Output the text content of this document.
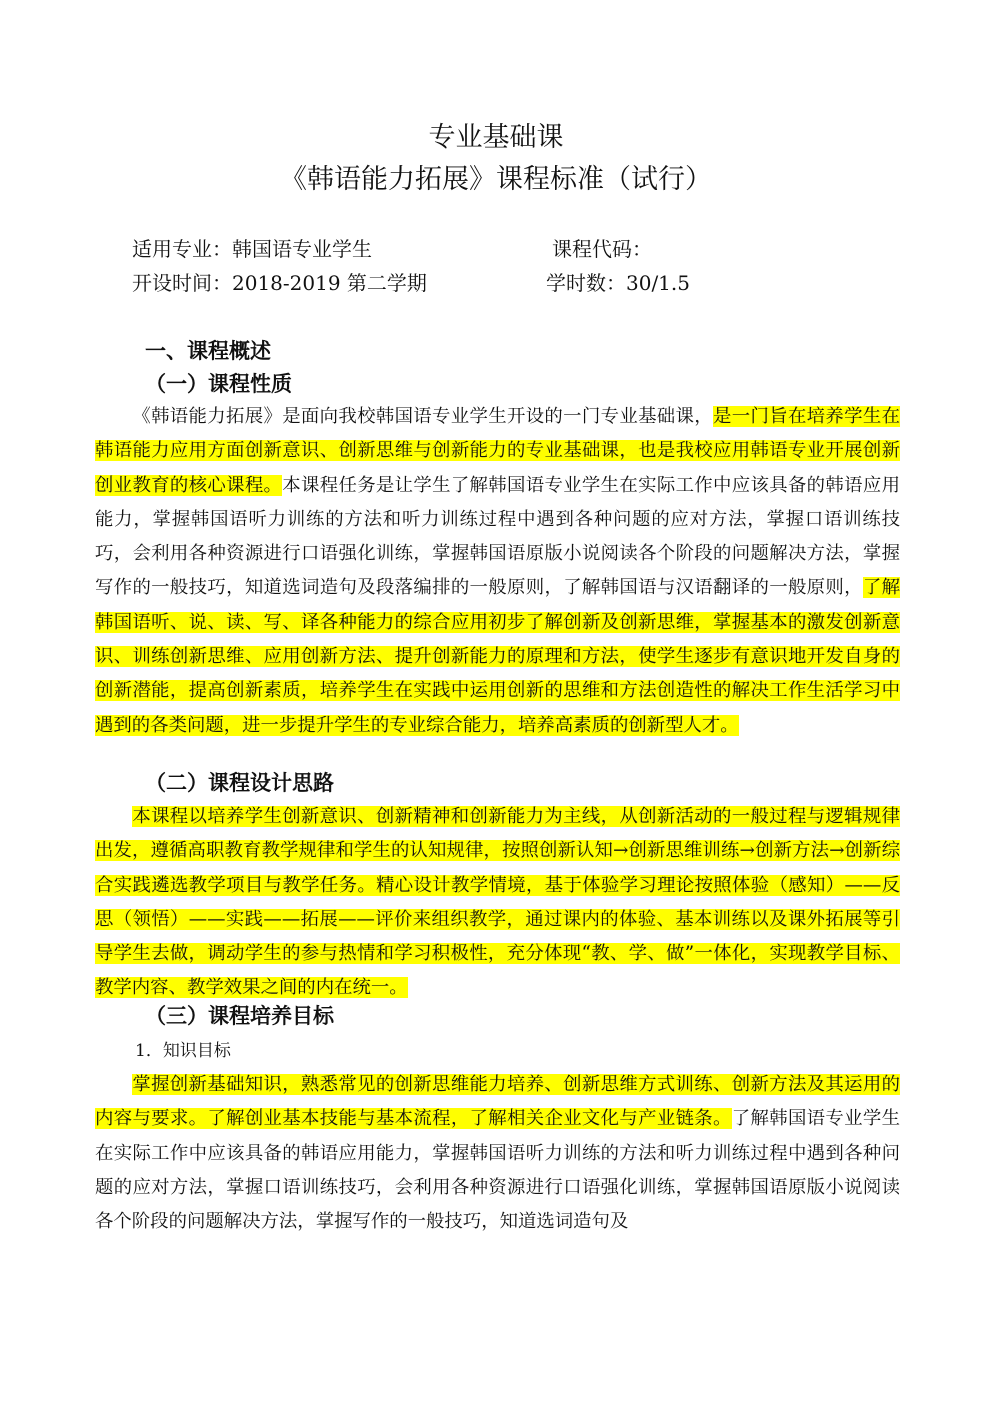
专业基础课
《韩语能力拓展》课程标准（试行）
适用专业：韩国语专业学生	课程代码：
开设时间：2018-2019 第二学期	学时数：30/1.5
一、课程概述
（一）课程性质
《韩语能力拓展》是面向我校韩国语专业学生开设的一门专业基础课，是一门旨在培养学生在韩语能力应用方面创新意识、创新思维与创新能力的专业基础课，也是我校应用韩语专业开展创新创业教育的核心课程。本课程任务是让学生了解韩国语专业学生在实际工作中应该具备的韩语应用能力，掌握韩国语听力训练的方法和听力训练过程中遇到各种问题的应对方法，掌握口语训练技巧，会利用各种资源进行口语强化训练，掌握韩国语原版小说阅读各个阶段的问题解决方法，掌握写作的一般技巧，知道选词造句及段落编排的一般原则，了解韩国语与汉语翻译的一般原则，了解韩国语听、说、读、写、译各种能力的综合应用初步了解创新及创新思维，掌握基本的激发创新意识、训练创新思维、应用创新方法、提升创新能力的原理和方法，使学生逐步有意识地开发自身的创新潜能，提高创新素质，培养学生在实践中运用创新的思维和方法创造性的解决工作生活学习中遇到的各类问题，进一步提升学生的专业综合能力，培养高素质的创新型人才。
（二）课程设计思路
本课程以培养学生创新意识、创新精神和创新能力为主线，从创新活动的一般过程与逻辑规律出发，遵循高职教育教学规律和学生的认知规律，按照创新认知→创新思维训练→创新方法→创新综合实践遴选教学项目与教学任务。精心设计教学情境，基于体验学习理论按照体验（感知）——反思（领悟）——实践——拓展——评价来组织教学，通过课内的体验、基本训练以及课外拓展等引导学生去做，调动学生的参与热情和学习积极性，充分体现“教、学、做”一体化，实现教学目标、教学内容、教学效果之间的内在统一。
（三）课程培养目标
1．知识目标
掌握创新基础知识，熟悉常见的创新思维能力培养、创新思维方式训练、创新方法及其运用的内容与要求。了解创业基本技能与基本流程，了解相关企业文化与产业链条。了解韩国语专业学生在实际工作中应该具备的韩语应用能力，掌握韩国语听力训练的方法和听力训练过程中遇到各种问题的应对方法，掌握口语训练技巧，会利用各种资源进行口语强化训练，掌握韩国语原版小说阅读各个阶段的问题解决方法，掌握写作的一般技巧，知道选词造句及
